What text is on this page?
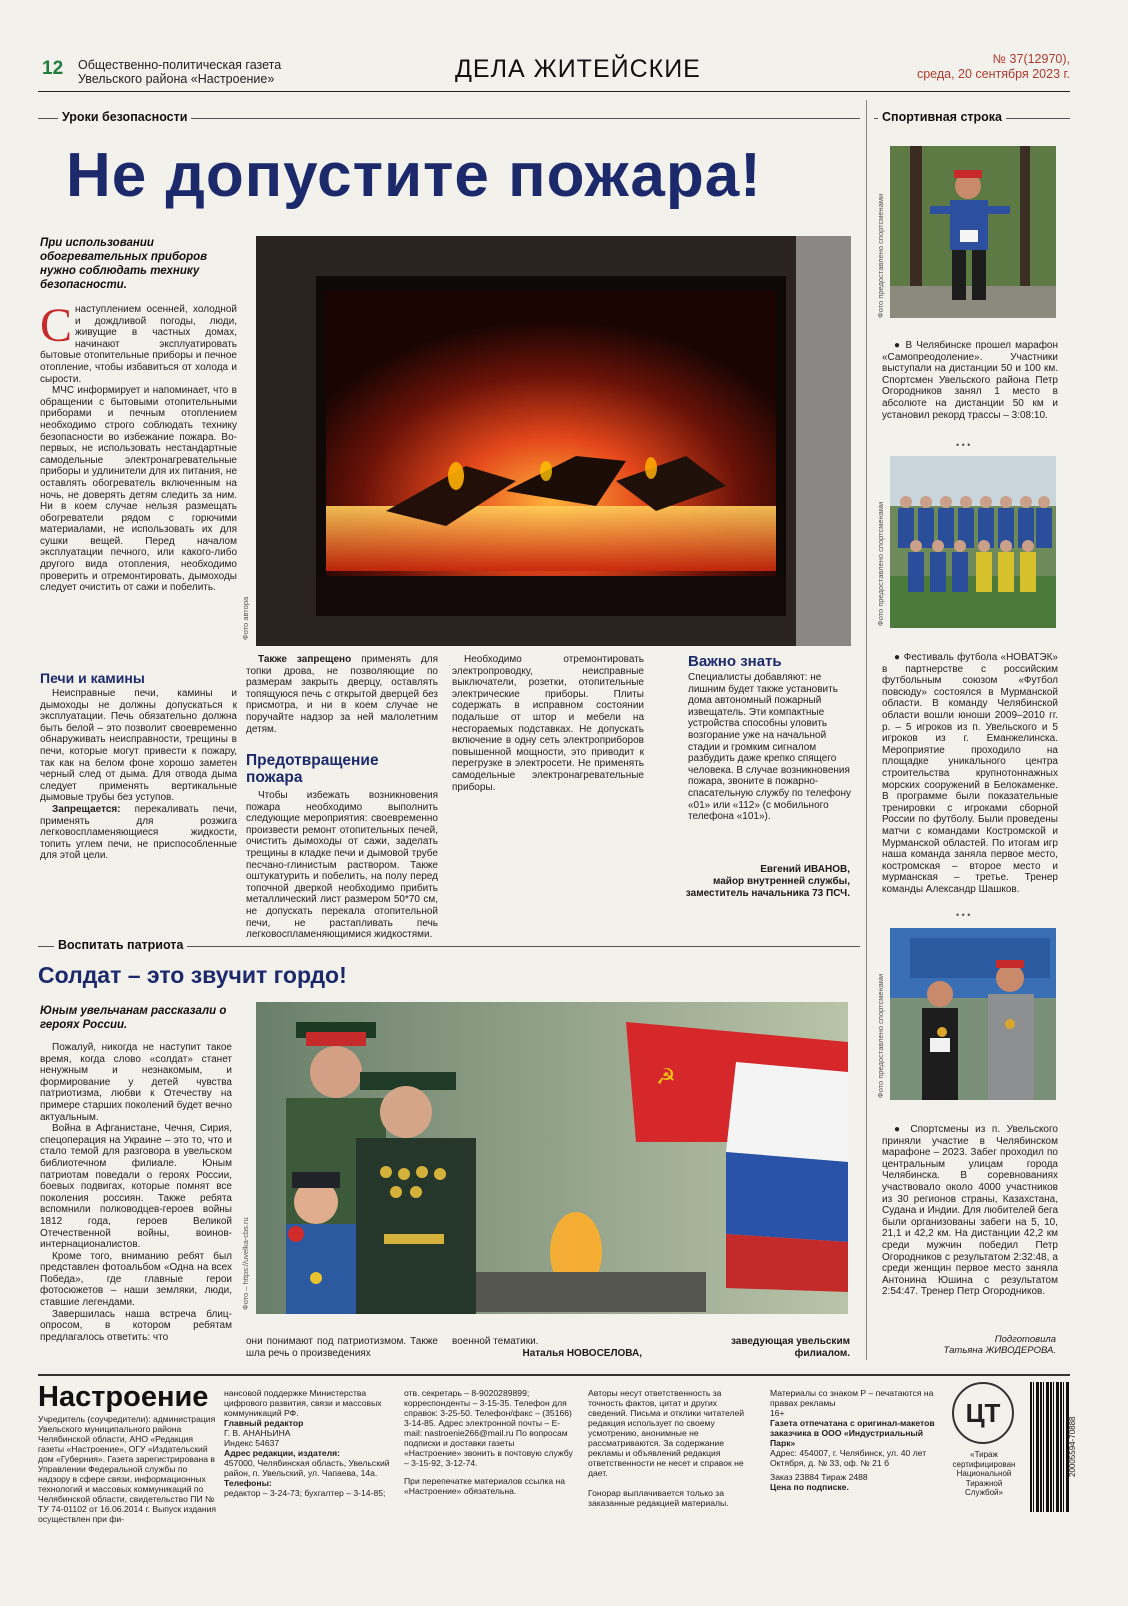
12 Общественно-политическая газета Увельского района «Настроение»	ДЕЛА ЖИТЕЙСКИЕ	№ 37(12970),
среда, 20 сентября 2023 г.
Уроки безопасности	Спортивная строка
Не допустите пожара!
При использовании обогревательных приборов нужно соблюдать технику безопасности.
С наступлением осенней, холодной и дождливой погоды, люди, живущие в частных домах, начинают эксплуатировать бытовые отопительные приборы и печное отопление, чтобы избавиться от холода и сырости.

МЧС информирует и напоминает, что в обращении с бытовыми отопительными приборами и печным отоплением необходимо строго соблюдать технику безопасности во избежание пожара. Во-первых, не использовать нестандартные самодельные электронагревательные приборы и удлинители для их питания, не оставлять обогреватель включенным на ночь, не доверять детям следить за ним. Ни в коем случае нельзя размещать обогреватели рядом с горючими материалами, не использовать их для сушки вещей. Перед началом эксплуатации печного, или какого-либо другого вида отопления, необходимо проверить и отремонтировать, дымоходы следует очистить от сажи и побелить.

Фото автора
Печи и камины

Неисправные печи, камины и дымоходы не должны допускаться к эксплуатации. Печь обязательно должна быть белой – это позволит своевременно обнаруживать неисправности, трещины в печи, которые могут привести к пожару, так как на белом фоне хорошо заметен черный след от дыма. Для отвода дыма следует применять вертикальные дымовые трубы без уступов.

Запрещается: перекаливать печи, применять для розжига легковоспламеняющиеся жидкости, топить углем печи, не приспособленные для этой цели.

Также запрещено применять для топки дрова, не позволяющие по размерам закрыть дверцу, оставлять топящуюся печь с открытой дверцей без присмотра, и ни в коем случае не поручайте надзор за ней малолетним детям.

Предотвращение пожара

Чтобы избежать возникновения пожара необходимо выполнить следующие мероприятия: своевременно произвести ремонт отопительных печей, очистить дымоходы от сажи, заделать трещины в кладке печи и дымовой трубе песчано-глинистым раствором. Также оштукатурить и побелить, на полу перед топочной дверкой необходимо прибить металлический лист размером 50*70 см, не допускать перекала отопительной печи, не растапливать печь легковоспламеняющимися жидкостями.

Необходимо отремонтировать электропроводку, неисправные выключатели, розетки, отопительные электрические приборы. Плиты содержать в исправном состоянии подальше от штор и мебели на несгораемых подставках. Не допускать включение в одну сеть электроприборов повышенной мощности, это приводит к перегрузке в электросети. Не применять самодельные электронагревательные приборы.

Важно знать
Специалисты добавляют: не лишним будет также установить дома автономный пожарный извещатель. Эти компактные устройства способны уловить возгорание уже на начальной стадии и громким сигналом разбудить даже крепко спящего человека. В случае возникновения пожара, звоните в пожарно-спасательную службу по телефону «01» или «112» (с мобильного телефона «101»).
Евгений ИВАНОВ,
майор внутренней службы, заместитель начальника 73 ПСЧ.
Фото предоставлено спортсменами

● В Челябинске прошел марафон «Самопреодоление». Участники выступали на дистанции 50 и 100 км. Спортсмен Увельского района Петр Огородников занял 1 место в абсолюте на дистанции 50 км и установил рекорд трассы – 3:08:10.

• • •
Фото предоставлено спортсменами

● Фестиваль футбола «НОВАТЭК» в партнерстве с российским футбольным союзом «Футбол повсюду» состоялся в Мурманской области. В команду Челябинской области вошли юноши 2009–2010 гг. р. – 5 игроков из п. Увельского и 5 игроков из г. Еманжелинска. Мероприятие проходило на площадке уникального центра строительства крупнотоннажных морских сооружений в Белокаменке. В программе были показательные тренировки с игроками сборной России по футболу. Были проведены матчи с командами Костромской и Мурманской областей. По итогам игр наша команда заняла первое место, костромская – второе место и мурманская – третье. Тренер команды Александр Шашков.

• • •
Фото предоставлено спортсменами

● Спортсмены из п. Увельского приняли участие в Челябинском марафоне – 2023. Забег проходил по центральным улицам города Челябинска. В соревнованиях участвовало около 4000 участников из 30 регионов страны, Казахстана, Судана и Индии. Для любителей бега были организованы забеги на 5, 10, 21,1 и 42,2 км. На дистанции 42,2 км среди мужчин победил Петр Огородников с результатом 2:32:48, а среди женщин первое место заняла Антонина Юшина с результатом 2:54:47. Тренер Петр Огородников.

Подготовила
Татьяна ЖИВОДЕРОВА.
Воспитать патриота
Солдат – это звучит гордо!
Юным увельчанам рассказали о героях России.

Пожалуй, никогда не наступит такое время, когда слово «солдат» станет ненужным и незнакомым, и формирование у детей чувства патриотизма, любви к Отечеству на примере старших поколений будет вечно актуальным.

Война в Афганистане, Чечня, Сирия, спецоперация на Украине – это то, что и стало темой для разговора в увельском библиотечном филиале. Юным патриотам поведали о героях России, боевых подвигах, которые помнят все поколения россиян. Также ребята вспомнили полководцев-героев войны 1812 года, героев Великой Отечественной войны, воинов-интернационалистов.

Кроме того, вниманию ребят был представлен фотоальбом «Одна на всех Победа», где главные герои фотосюжетов – наши земляки, люди, ставшие легендами.

Завершилась наша встреча блиц-опросом, в котором ребятам предлагалось ответить: что

☭
Фото – https://uvelka-cbs.ru

они понимают под патриотизмом. Также шла речь о произведениях

военной тематики.

Наталья НОВОСЕЛОВА,
заведующая увельским филиалом.
Настроение
Учредитель (соучредители): администрация Увельского муниципального района Челябинской области, АНО «Редакция газеты «Настроение», ОГУ «Издательский дом «Губерния». Газета зарегистрирована в Управлении Федеральной службы по надзору в сфере связи, информационных технологий и массовых коммуникаций по Челябинской области, свидетельство ПИ № ТУ 74-01102 от 16.06.2014 г. Выпуск издания осуществлен при фи-
нансовой поддержке Министерства цифрового развития, связи и массовых коммуникаций РФ.
Главный редактор
Г. В. АНАНЬИНА
Индекс 54637
Адрес редакции, издателя:
457000, Челябинская область, Увельский район, п. Увельский, ул. Чапаева, 14а.
Телефоны:
редактор – 3-24-73; бухгалтер – 3-14-85;
отв. секретарь – 8-9020289899; корреспонденты – 3-15-35. Телефон для справок: 3-25-50. Телефон/факс – (35166) 3-14-85. Адрес электронной почты – E-mail: nastroenie266@mail.ru По вопросам подписки и доставки газеты «Настроение» звонить в почтовую службу – 3-15-92, 3-12-74.
При перепечатке материалов ссылка на «Настроение» обязательна.
Авторы несут ответственность за точность фактов, цитат и других сведений. Письма и отклики читателей редакция использует по своему усмотрению, анонимные не рассматриваются. За содержание рекламы и объявлений редакция ответственности не несет и справок не дает.
Гонорар выплачивается только за заказанные редакцией материалы.
Материалы со знаком Р – печатаются на правах рекламы
16+
Газета отпечатана с оригинал-макетов заказчика в ООО «Индустриальный Парк»
Адрес: 454007, г. Челябинск, ул. 40 лет Октября, д. № 33, оф. № 21 б
Заказ 23884 Тираж 2488
Цена по подписке.
ЦТ
«Тираж сертифицирован Национальной Тиражной Службой»
20005594-70888
